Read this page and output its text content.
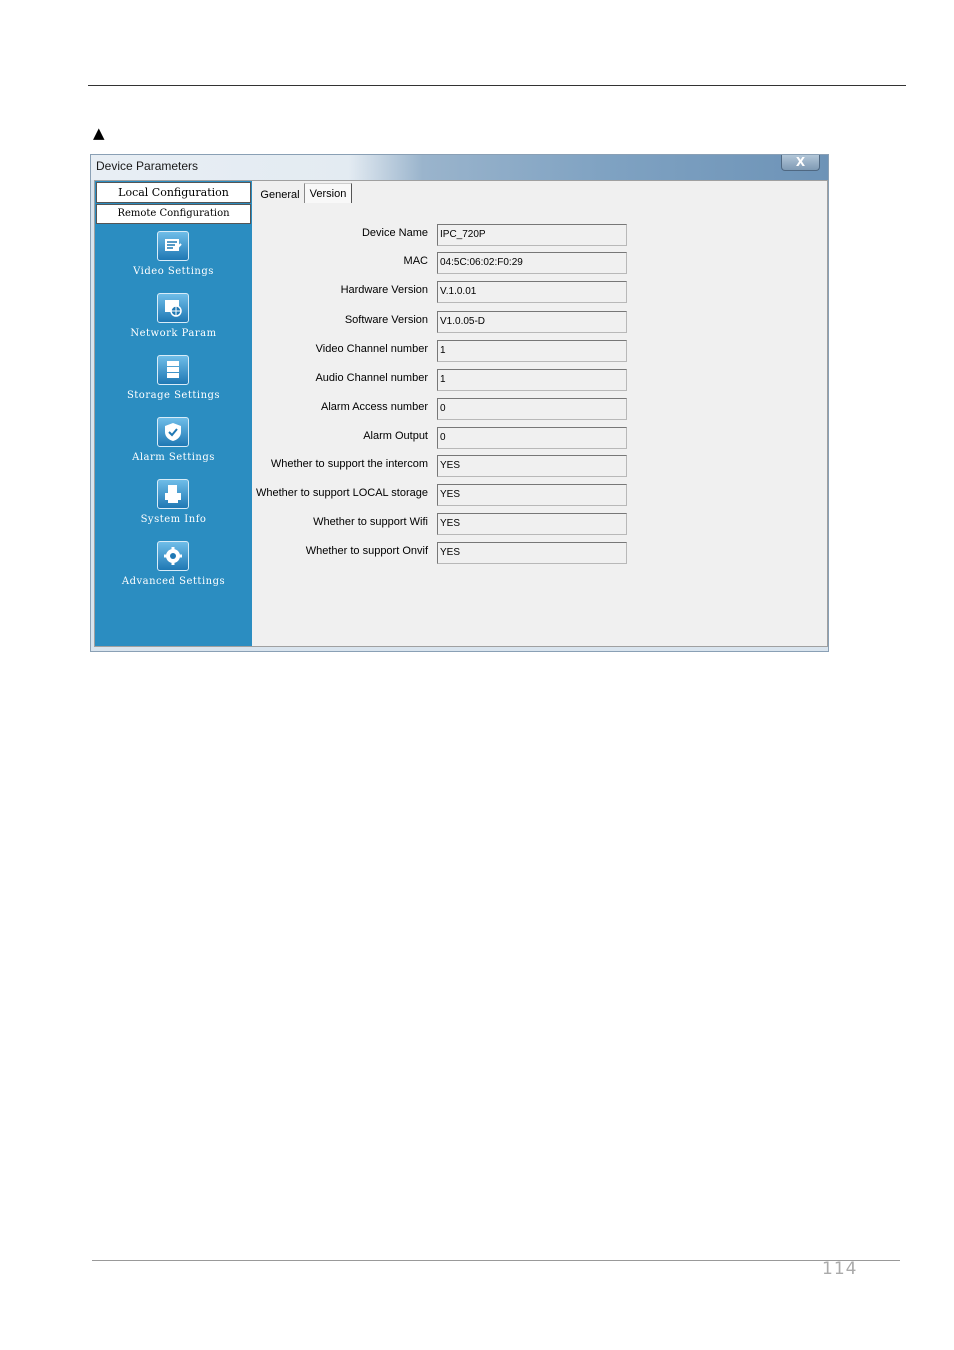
▲
Device Parameters	X
Local Configuration
Remote Configuration
Video Settings
Network Param
Storage Settings
Alarm Settings
System Info
Advanced Settings
General Version
Device Name	IPC_720P
MAC	04:5C:06:02:F0:29
Hardware Version	V.1.0.01
Software Version	V1.0.05-D
Video Channel number	1
Audio Channel number	1
Alarm Access number	0
Alarm Output	0
Whether to support the intercom	YES
Whether to support LOCAL storage	YES
Whether to support Wifi	YES
Whether to support Onvif	YES
114
